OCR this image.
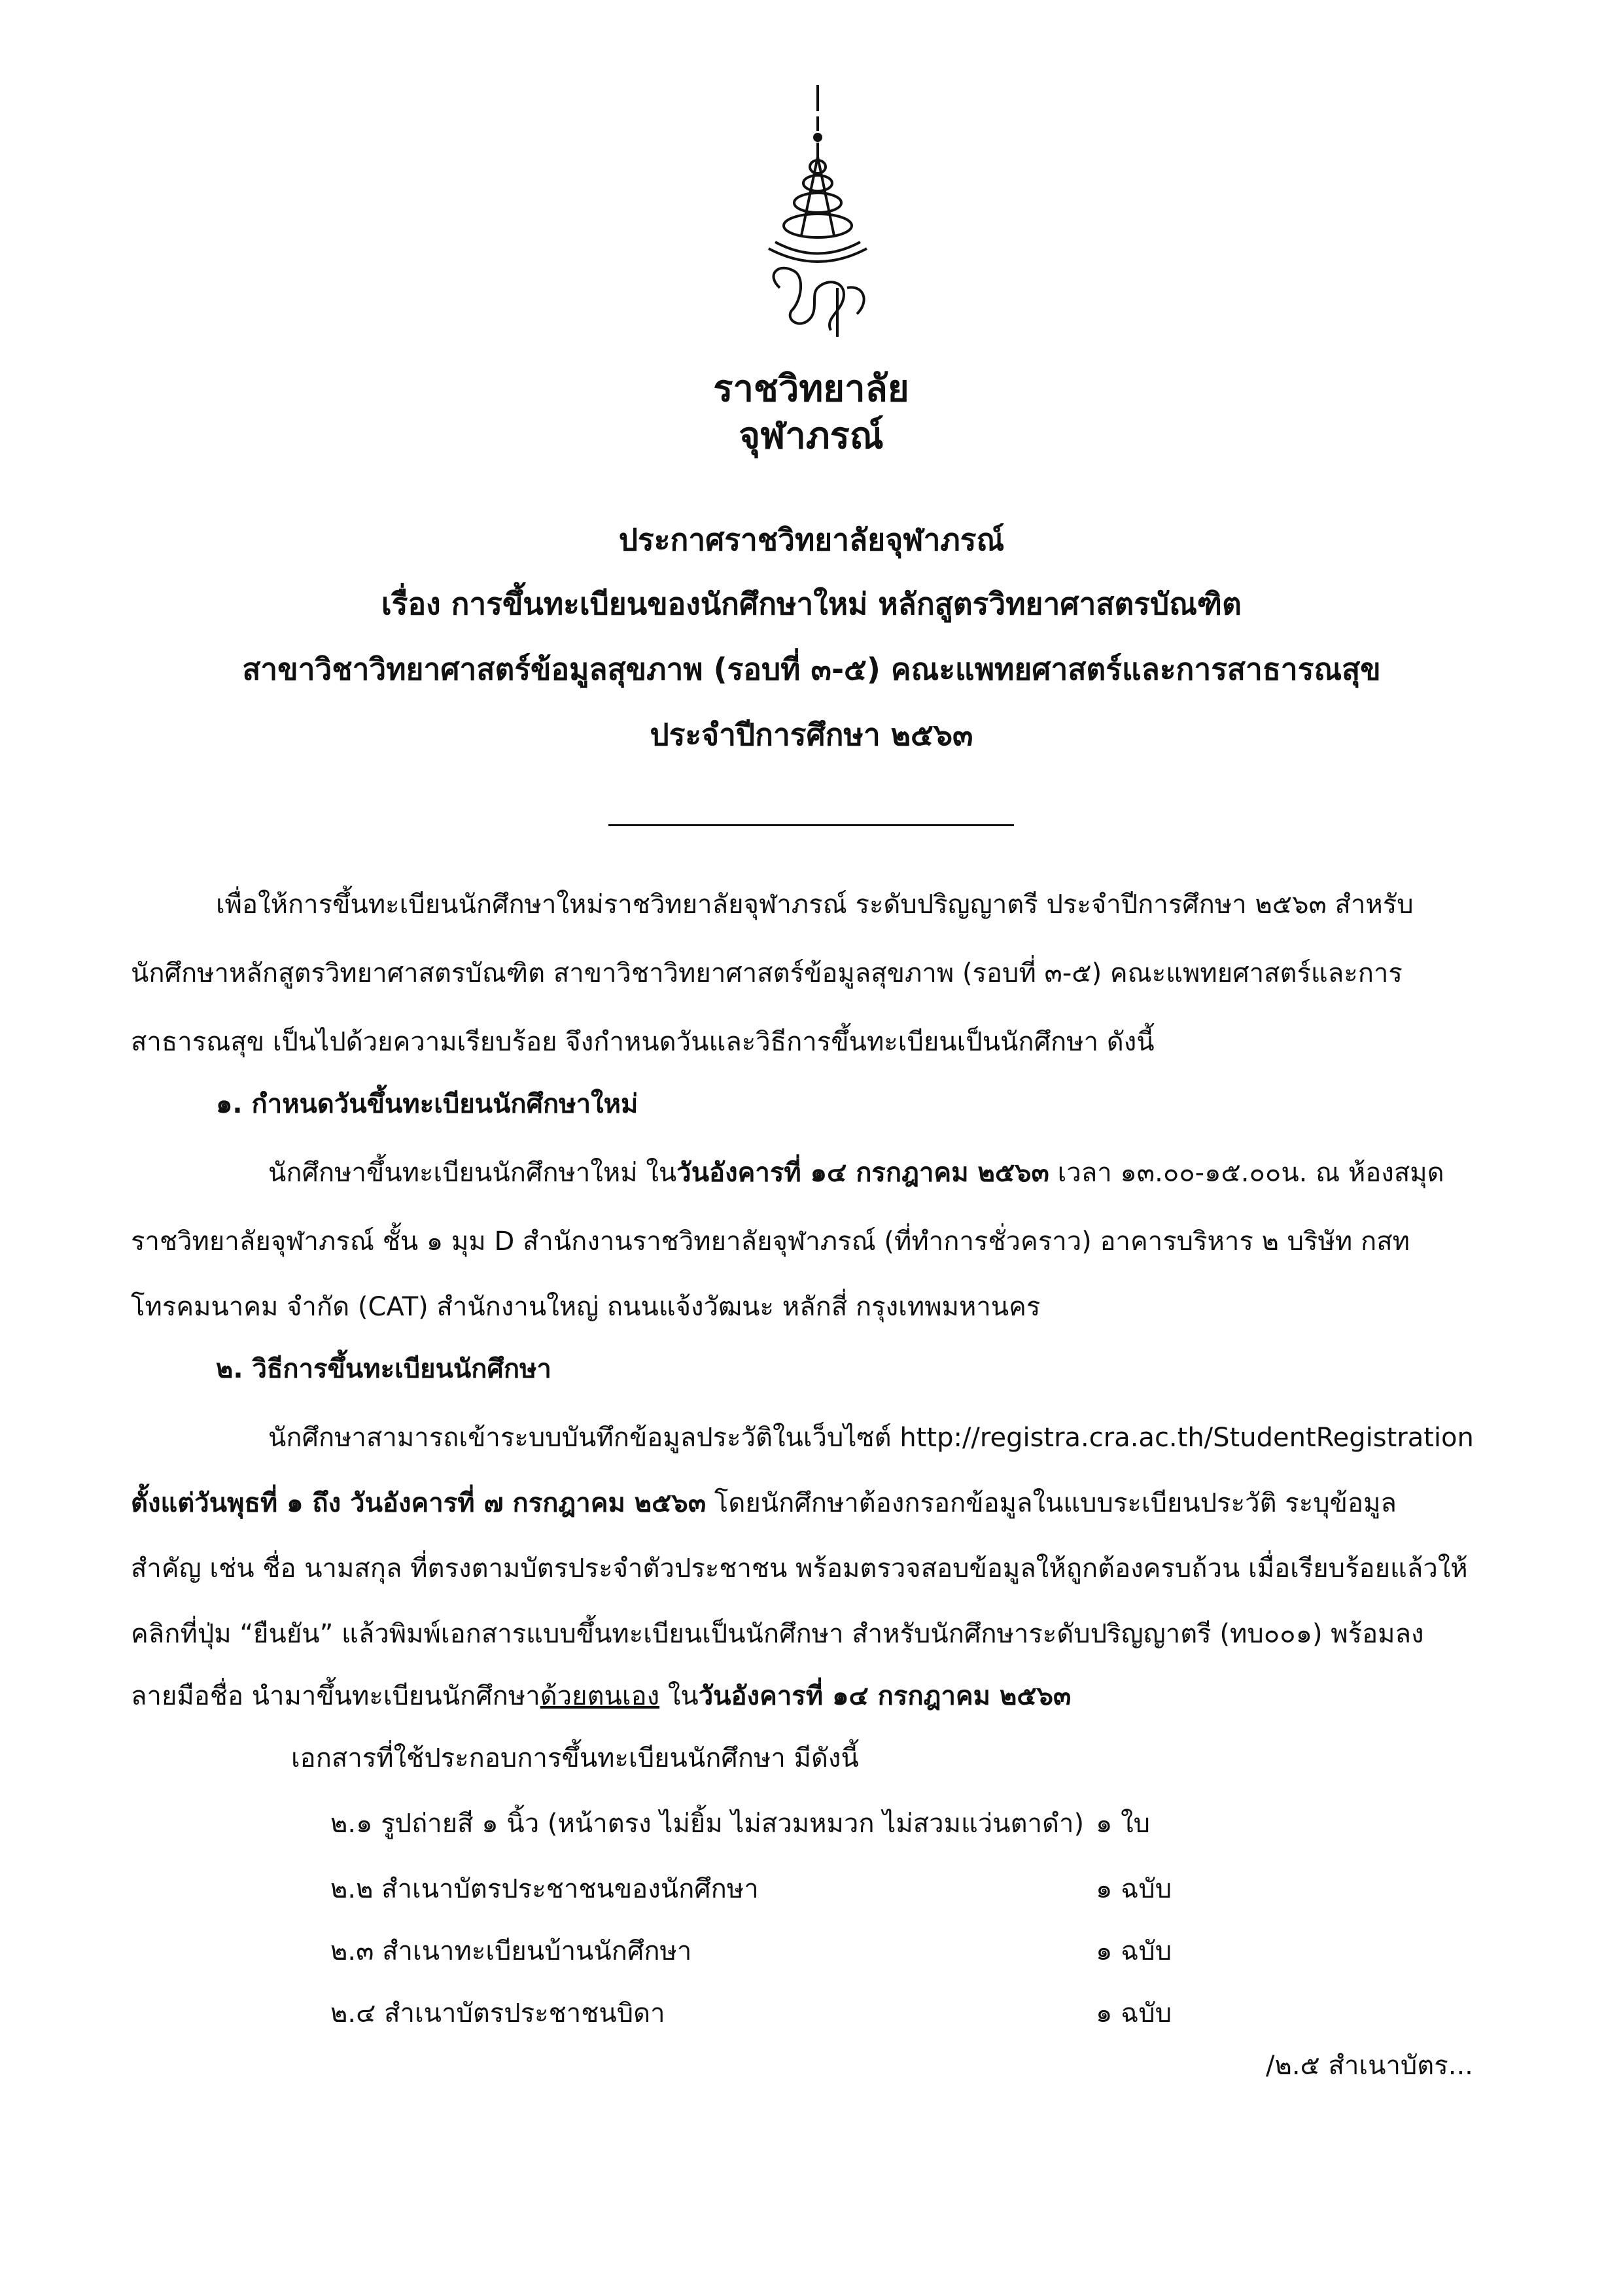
ราชวิทยาลัย
จุฬาภรณ์
ประกาศราชวิทยาลัยจุฬาภรณ์
เรื่อง การขึ้นทะเบียนของนักศึกษาใหม่ หลักสูตรวิทยาศาสตรบัณฑิต
สาขาวิชาวิทยาศาสตร์ข้อมูลสุขภาพ (รอบที่ ๓-๕) คณะแพทยศาสตร์และการสาธารณสุข
ประจำปีการศึกษา ๒๕๖๓
เพื่อให้การขึ้นทะเบียนนักศึกษาใหม่ราชวิทยาลัยจุฬาภรณ์ ระดับปริญญาตรี ประจำปีการศึกษา ๒๕๖๓ สำหรับ
นักศึกษาหลักสูตรวิทยาศาสตรบัณฑิต สาขาวิชาวิทยาศาสตร์ข้อมูลสุขภาพ (รอบที่ ๓-๕) คณะแพทยศาสตร์และการ
สาธารณสุข เป็นไปด้วยความเรียบร้อย จึงกำหนดวันและวิธีการขึ้นทะเบียนเป็นนักศึกษา ดังนี้
๑. กำหนดวันขึ้นทะเบียนนักศึกษาใหม่
นักศึกษาขึ้นทะเบียนนักศึกษาใหม่ ในวันอังคารที่ ๑๔ กรกฎาคม ๒๕๖๓ เวลา ๑๓.๐๐-๑๕.๐๐น. ณ ห้องสมุด
ราชวิทยาลัยจุฬาภรณ์ ชั้น ๑ มุม D สำนักงานราชวิทยาลัยจุฬาภรณ์ (ที่ทำการชั่วคราว) อาคารบริหาร ๒ บริษัท กสท
โทรคมนาคม จำกัด (CAT) สำนักงานใหญ่ ถนนแจ้งวัฒนะ หลักสี่ กรุงเทพมหานคร
๒. วิธีการขึ้นทะเบียนนักศึกษา
นักศึกษาสามารถเข้าระบบบันทึกข้อมูลประวัติในเว็บไซต์ http://registra.cra.ac.th/StudentRegistration
ตั้งแต่วันพุธที่ ๑ ถึง วันอังคารที่ ๗ กรกฎาคม ๒๕๖๓ โดยนักศึกษาต้องกรอกข้อมูลในแบบระเบียนประวัติ ระบุข้อมูล
สำคัญ เช่น ชื่อ นามสกุล ที่ตรงตามบัตรประจำตัวประชาชน พร้อมตรวจสอบข้อมูลให้ถูกต้องครบถ้วน เมื่อเรียบร้อยแล้วให้
คลิกที่ปุ่ม “ยืนยัน” แล้วพิมพ์เอกสารแบบขึ้นทะเบียนเป็นนักศึกษา สำหรับนักศึกษาระดับปริญญาตรี (ทบ๐๐๑) พร้อมลง
ลายมือชื่อ นำมาขึ้นทะเบียนนักศึกษาด้วยตนเอง ในวันอังคารที่ ๑๔ กรกฎาคม ๒๕๖๓
เอกสารที่ใช้ประกอบการขึ้นทะเบียนนักศึกษา มีดังนี้
๒.๑ รูปถ่ายสี ๑ นิ้ว (หน้าตรง ไม่ยิ้ม ไม่สวมหมวก ไม่สวมแว่นตาดำ) ๑ ใบ
๒.๒ สำเนาบัตรประชาชนของนักศึกษา	๑ ฉบับ
๒.๓ สำเนาทะเบียนบ้านนักศึกษา	๑ ฉบับ
๒.๔ สำเนาบัตรประชาชนบิดา	๑ ฉบับ
/๒.๕ สำเนาบัตร...
